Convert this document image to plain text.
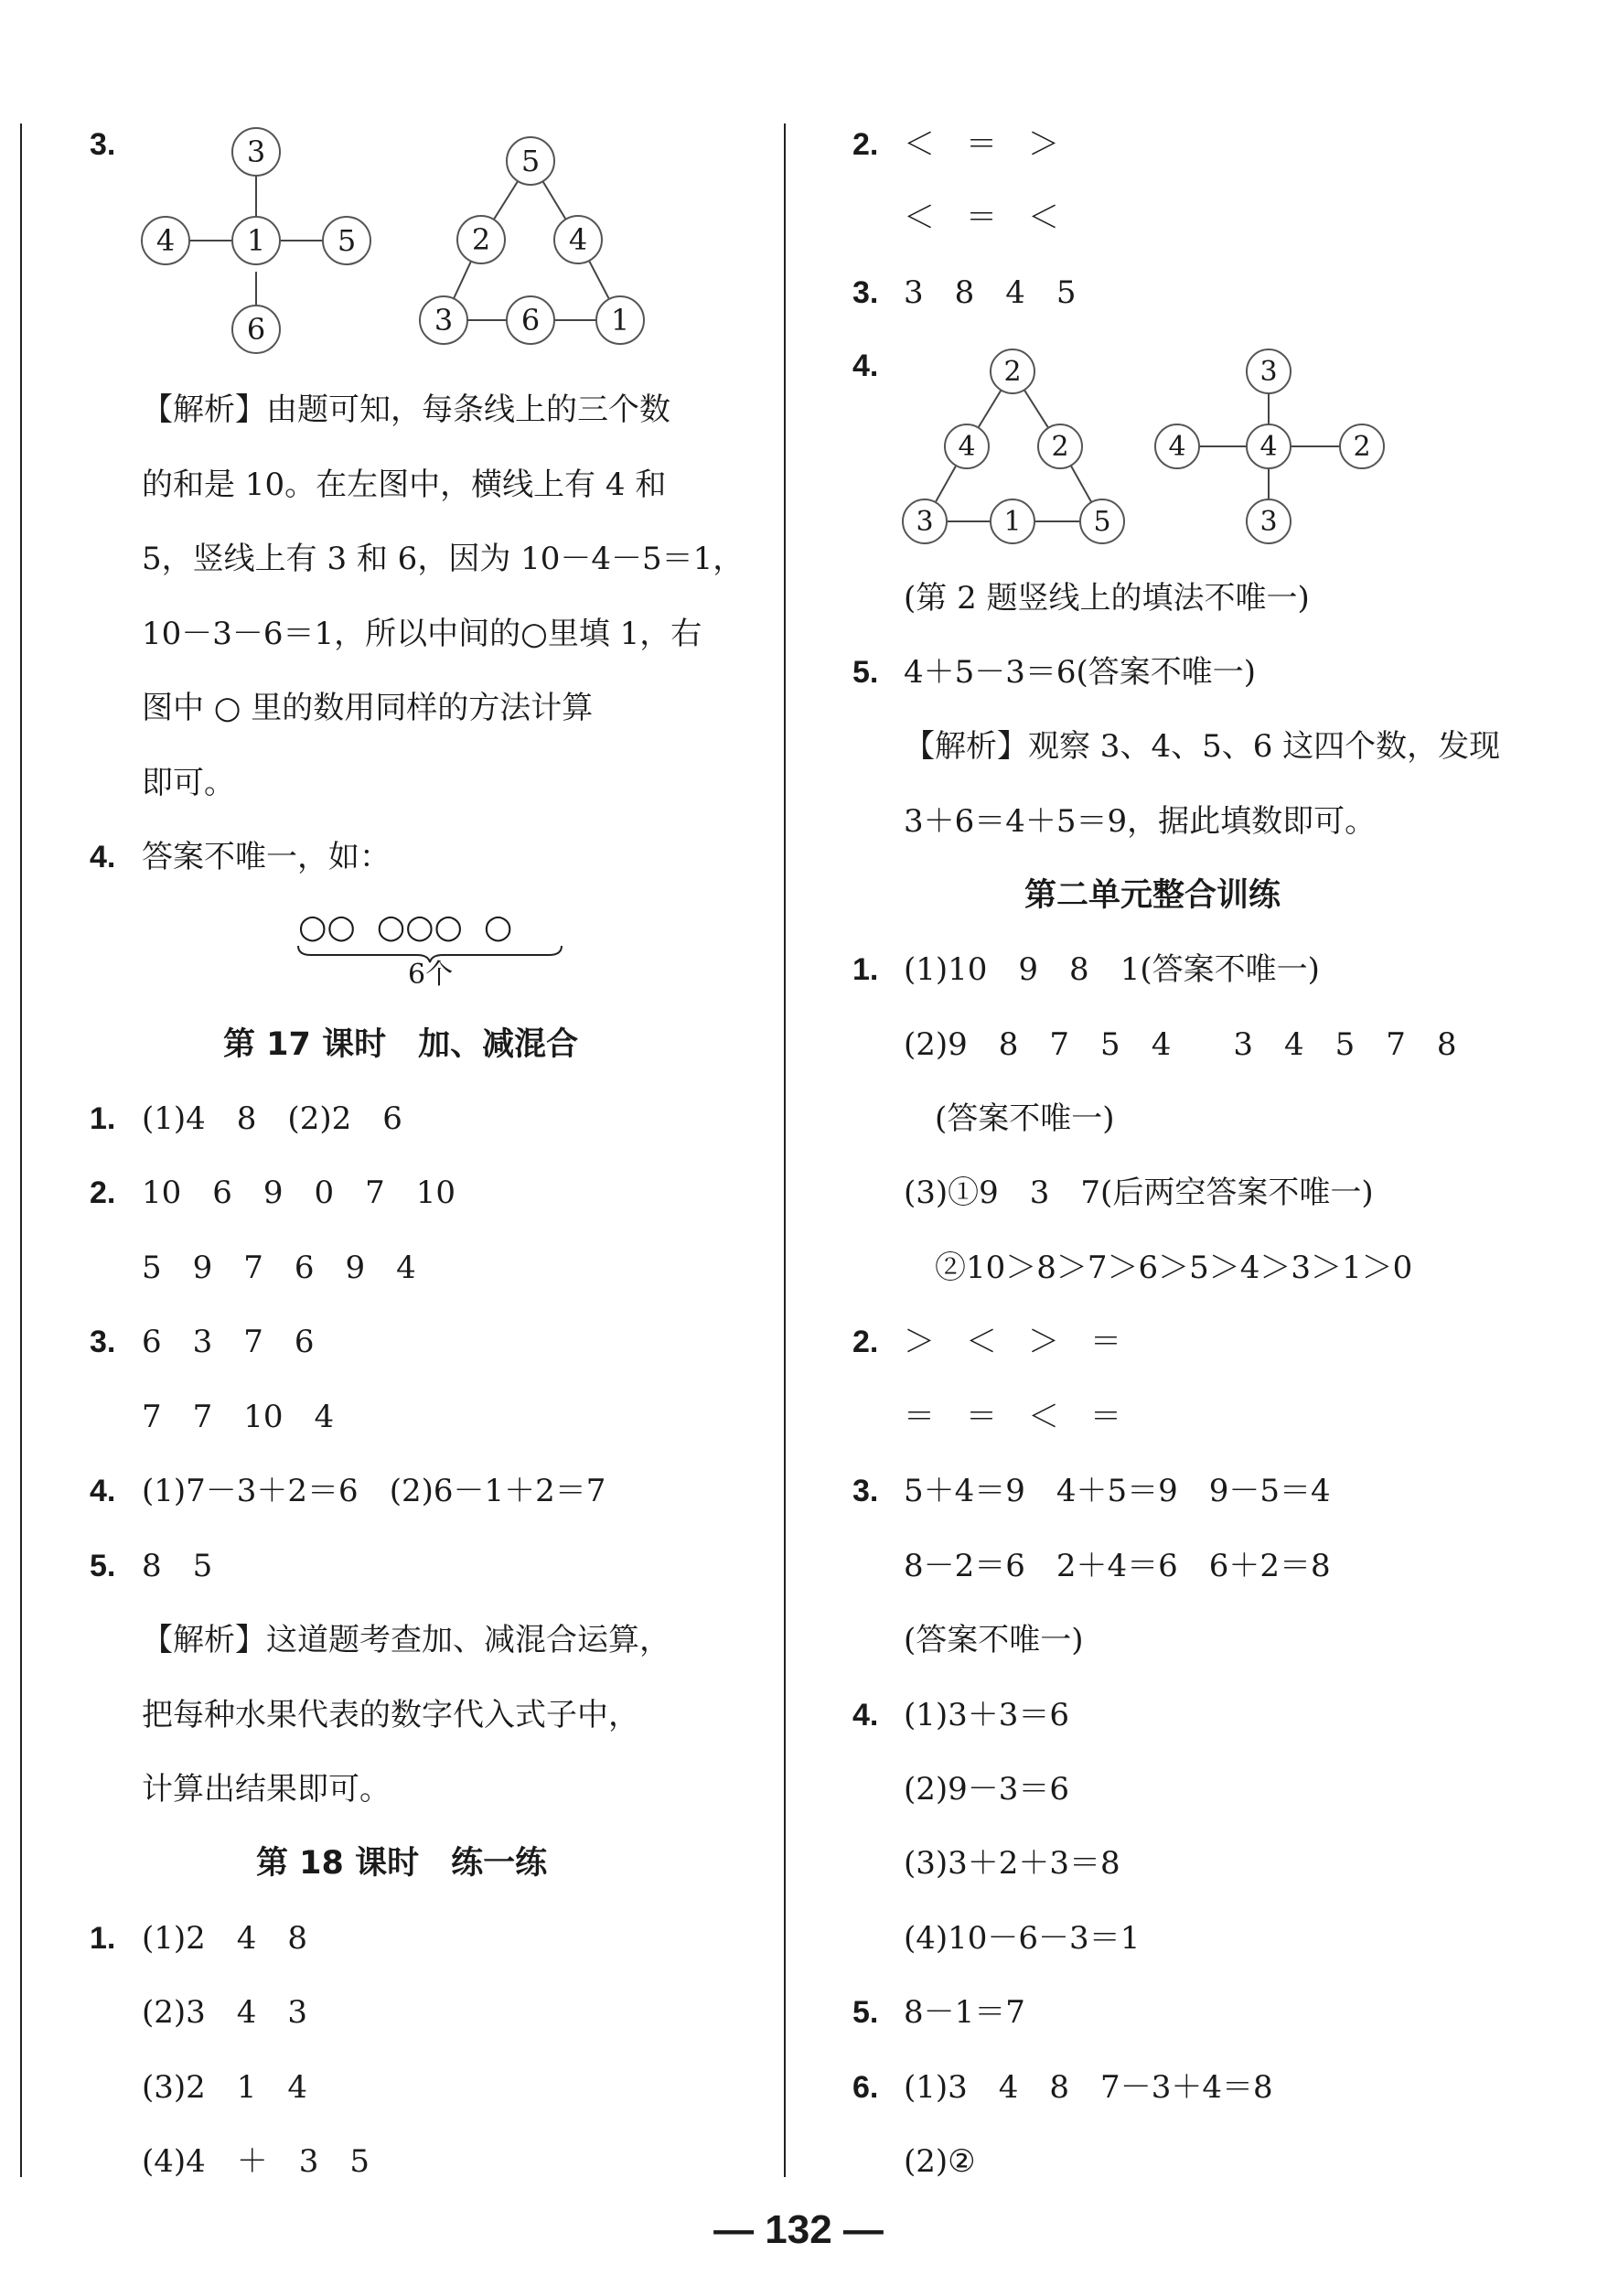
3.	3
4 1 5
6
5
2	4
3 6 1
【解析】由题可知，每条线上的三个数
的和是 10。在左图中，横线上有 4 和
5，竖线上有 3 和 6，因为 10－4－5＝1，
10－3－6＝1，所以中间的○里填 1，右
图中 ○ 里的数用同样的方法计算
即可。
4. 答案不唯一，如：
○○  ○○○  ○
6个
第 17 课时　加、减混合
1. (1)4　8　(2)2　6
2. 10　6　9　0　7　10
5　9　7　6　9　4
3. 6　3　7　6
7　7　10　4
4. (1)7－3＋2＝6　(2)6－1＋2＝7
5. 8　5
【解析】这道题考查加、减混合运算，
把每种水果代表的数字代入式子中，
计算出结果即可。
第 18 课时　练一练
1. (1)2　4　8
(2)3　4　3
(3)2　1　4
(4)4　＋　3　5
2. ＜　＝　＞
＜　＝　＜
3. 3　8　4　5
4.	2
4	2
3	1	5
3
4	4	2
3
(第 2 题竖线上的填法不唯一)
5. 4＋5－3＝6(答案不唯一)
【解析】观察 3、4、5、6 这四个数，发现
3＋6＝4＋5＝9，据此填数即可。
第二单元整合训练
1. (1)10　9　8　1(答案不唯一)
(2)9　8　7　5　4　　3　4　5　7　8
　(答案不唯一)
(3)①9　3　7(后两空答案不唯一)
　②10＞8＞7＞6＞5＞4＞3＞1＞0
2. ＞　＜　＞　＝
＝　＝　＜　＝
3. 5＋4＝9　4＋5＝9　9－5＝4
8－2＝6　2＋4＝6　6＋2＝8
(答案不唯一)
4. (1)3＋3＝6
(2)9－3＝6
(3)3＋2＋3＝8
(4)10－6－3＝1
5. 8－1＝7
6. (1)3　4　8　7－3＋4＝8
(2)②
— 132 —
